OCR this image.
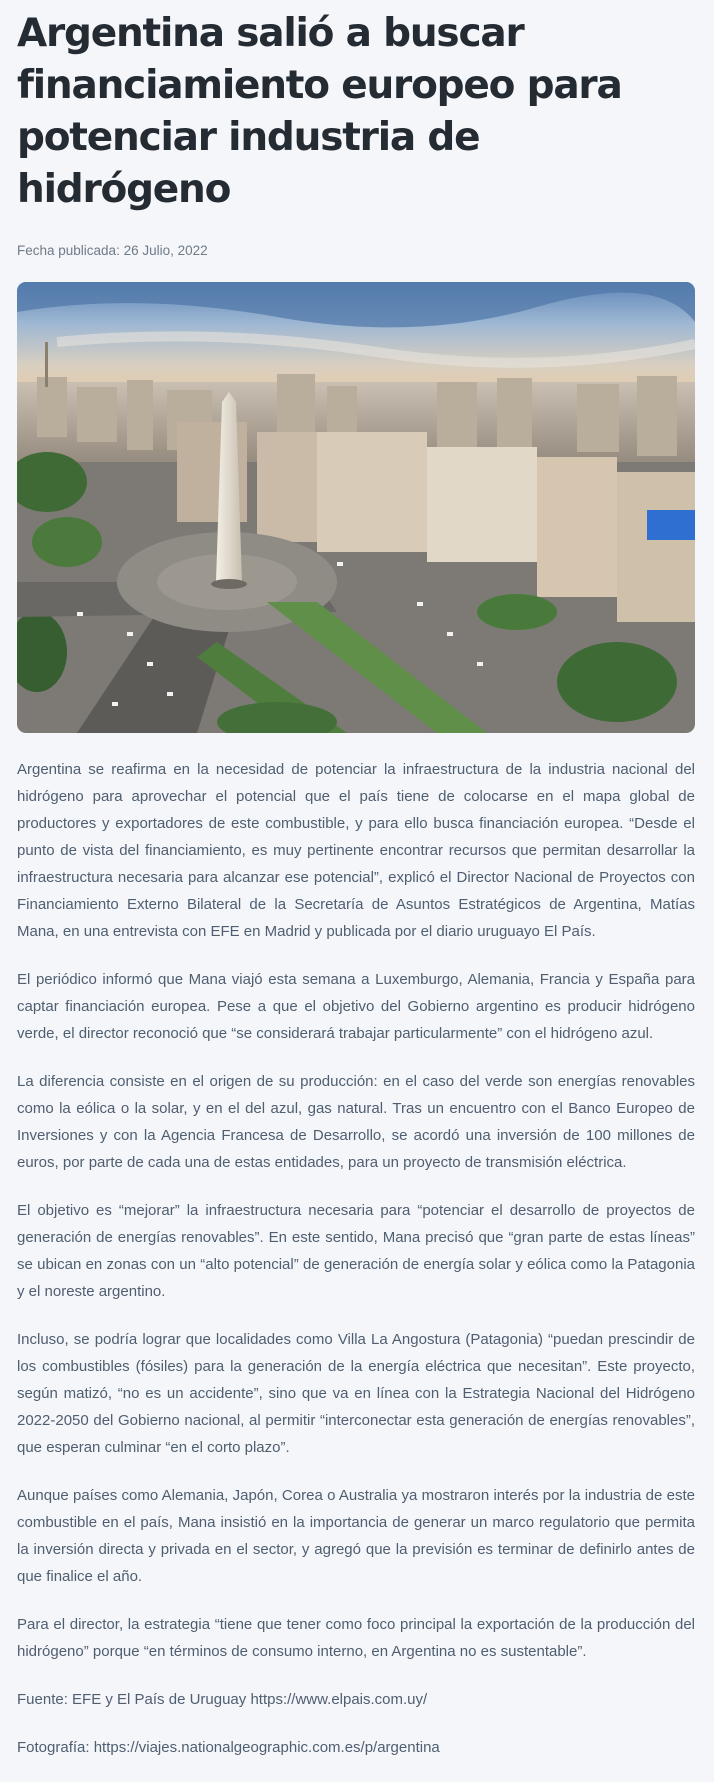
Argentina salió a buscar financiamiento europeo para potenciar industria de hidrógeno
Fecha publicada: 26 Julio, 2022

Argentina se reafirma en la necesidad de potenciar la infraestructura de la industria nacional del hidrógeno para aprovechar el potencial que el país tiene de colocarse en el mapa global de productores y exportadores de este combustible, y para ello busca financiación europea. “Desde el punto de vista del financiamiento, es muy pertinente encontrar recursos que permitan desarrollar la infraestructura necesaria para alcanzar ese potencial”, explicó el Director Nacional de Proyectos con Financiamiento Externo Bilateral de la Secretaría de Asuntos Estratégicos de Argentina, Matías Mana, en una entrevista con EFE en Madrid y publicada por el diario uruguayo El País.

El periódico informó que Mana viajó esta semana a Luxemburgo, Alemania, Francia y España para captar financiación europea. Pese a que el objetivo del Gobierno argentino es producir hidrógeno verde, el director reconoció que “se considerará trabajar particularmente” con el hidrógeno azul.

La diferencia consiste en el origen de su producción: en el caso del verde son energías renovables como la eólica o la solar, y en el del azul, gas natural. Tras un encuentro con el Banco Europeo de Inversiones y con la Agencia Francesa de Desarrollo, se acordó una inversión de 100 millones de euros, por parte de cada una de estas entidades, para un proyecto de transmisión eléctrica.

El objetivo es “mejorar” la infraestructura necesaria para “potenciar el desarrollo de proyectos de generación de energías renovables”. En este sentido, Mana precisó que “gran parte de estas líneas” se ubican en zonas con un “alto potencial” de generación de energía solar y eólica como la Patagonia y el noreste argentino.

Incluso, se podría lograr que localidades como Villa La Angostura (Patagonia) “puedan prescindir de los combustibles (fósiles) para la generación de la energía eléctrica que necesitan”. Este proyecto, según matizó, “no es un accidente”, sino que va en línea con la Estrategia Nacional del Hidrógeno 2022-2050 del Gobierno nacional, al permitir “interconectar esta generación de energías renovables”, que esperan culminar “en el corto plazo”.

Aunque países como Alemania, Japón, Corea o Australia ya mostraron interés por la industria de este combustible en el país, Mana insistió en la importancia de generar un marco regulatorio que permita la inversión directa y privada en el sector, y agregó que la previsión es terminar de definirlo antes de que finalice el año.

Para el director, la estrategia “tiene que tener como foco principal la exportación de la producción del hidrógeno” porque “en términos de consumo interno, en Argentina no es sustentable”.

Fuente: EFE y El País de Uruguay https://www.elpais.com.uy/

Fotografía: https://viajes.nationalgeographic.com.es/p/argentina
